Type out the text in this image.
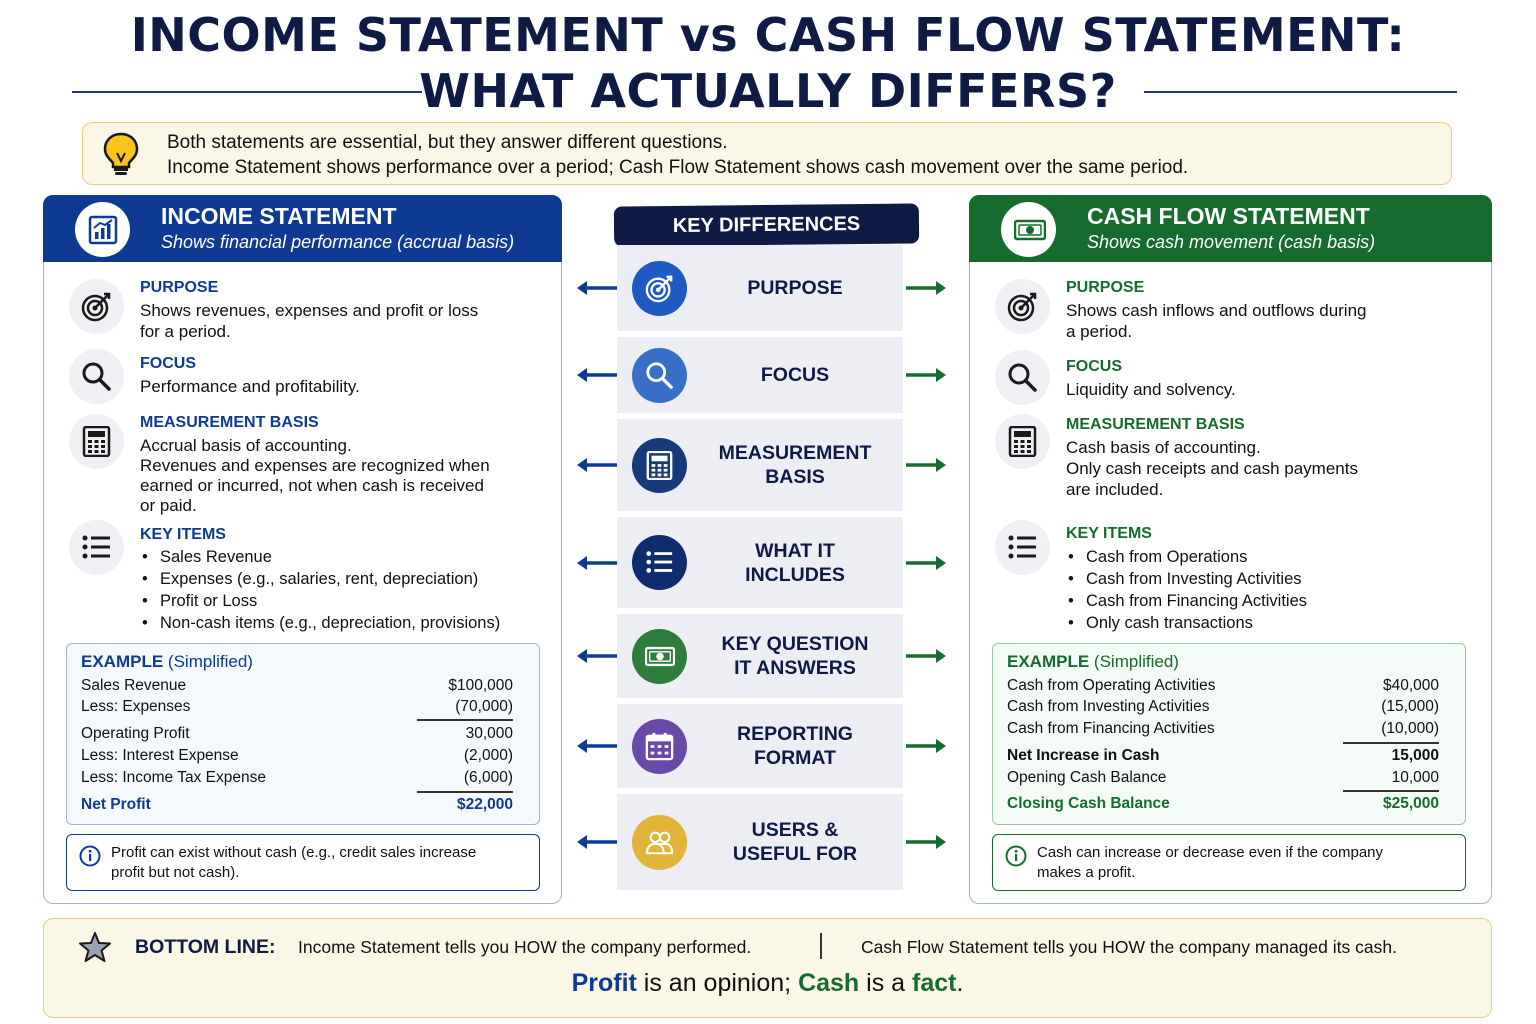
INCOME STATEMENT vs CASH FLOW STATEMENT:
WHAT ACTUALLY DIFFERS?
Both statements are essential, but they answer different questions.
Income Statement shows performance over a period; Cash Flow Statement shows cash movement over the same period.
INCOME STATEMENT
Shows financial performance (accrual basis)
PURPOSE
Shows revenues, expenses and profit or loss
for a period.
FOCUS
Performance and profitability.
MEASUREMENT BASIS
Accrual basis of accounting.
Revenues and expenses are recognized when
earned or incurred, not when cash is received
or paid.
KEY ITEMS
• Sales Revenue
• Expenses (e.g., salaries, rent, depreciation)
• Profit or Loss
• Non-cash items (e.g., depreciation, provisions)
EXAMPLE (Simplified)
Sales Revenue	$100,000
Less: Expenses	(70,000)
Operating Profit	30,000
Less: Interest Expense	(2,000)
Less: Income Tax Expense	(6,000)
Net Profit	$22,000
Profit can exist without cash (e.g., credit sales increase
profit but not cash).
KEY DIFFERENCES
PURPOSE
FOCUS
MEASUREMENT
BASIS
WHAT IT
INCLUDES
KEY QUESTION
IT ANSWERS
REPORTING
FORMAT
USERS &
USEFUL FOR
CASH FLOW STATEMENT
Shows cash movement (cash basis)
PURPOSE
Shows cash inflows and outflows during
a period.
FOCUS
Liquidity and solvency.
MEASUREMENT BASIS
Cash basis of accounting.
Only cash receipts and cash payments
are included.
KEY ITEMS
• Cash from Operations
• Cash from Investing Activities
• Cash from Financing Activities
• Only cash transactions
EXAMPLE (Simplified)
Cash from Operating Activities	$40,000
Cash from Investing Activities	(15,000)
Cash from Financing Activities	(10,000)
Net Increase in Cash	15,000
Opening Cash Balance	10,000
Closing Cash Balance	$25,000
Cash can increase or decrease even if the company
makes a profit.
BOTTOM LINE: Income Statement tells you HOW the company performed.	Cash Flow Statement tells you HOW the company managed its cash.
Profit is an opinion; Cash is a fact.
